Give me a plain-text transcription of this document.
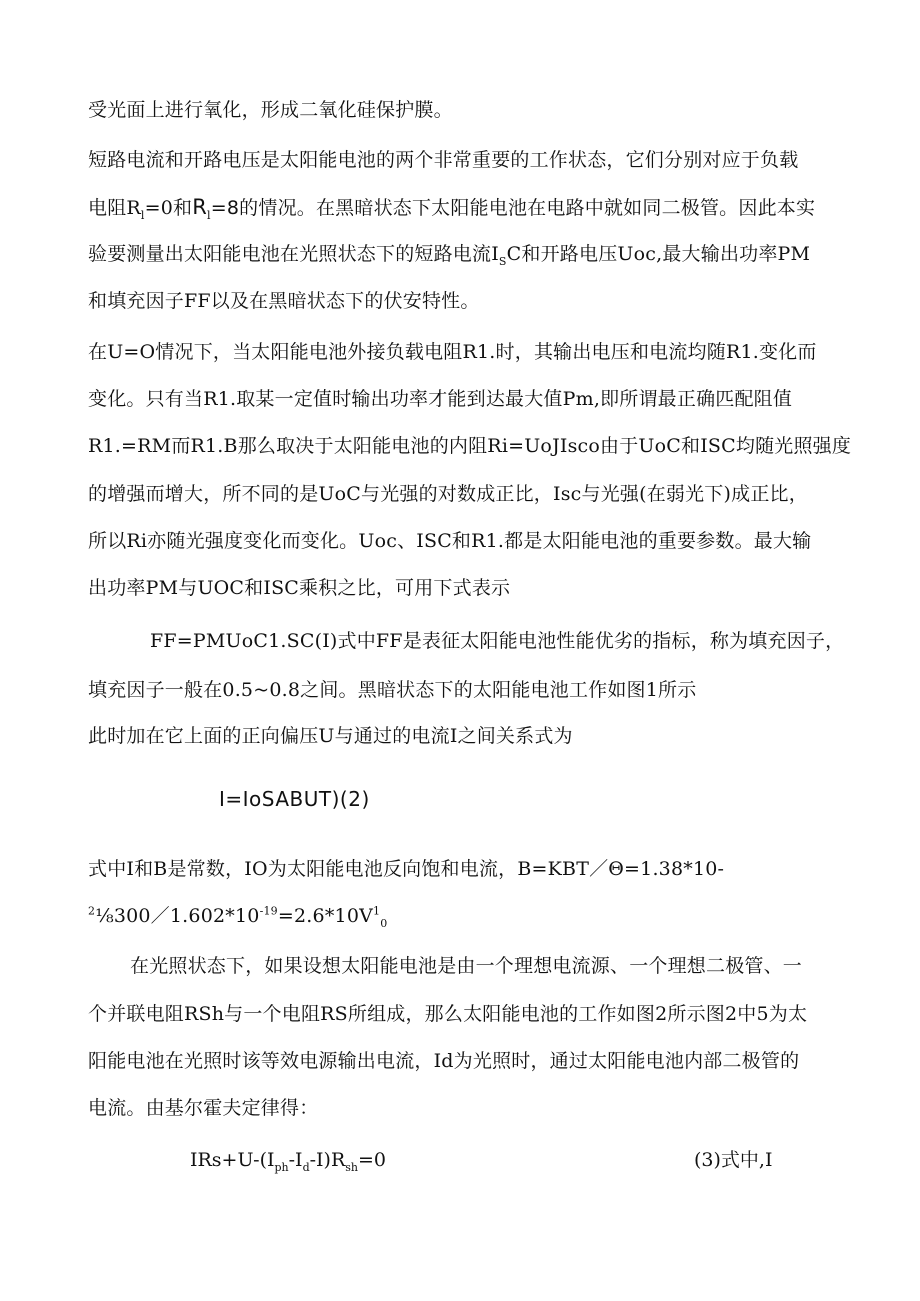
受光面上进行氧化，形成二氧化硅保护膜。
短路电流和开路电压是太阳能电池的两个非常重要的工作状态，它们分别对应于负载
电阻$R_l=0$和$R_l=8$的情况。在黑暗状态下太阳能电池在电路中就如同二极管。因此本实
验要测量出太阳能电池在光照状态下的短路电流$I_SC$和开路电压Uoc,最大输出功率PM
和填充因子FF以及在黑暗状态下的伏安特性。
在U=O情况下，当太阳能电池外接负载电阻R1.时，其输出电压和电流均随R1.变化而
变化。只有当R1.取某一定值时输出功率才能到达最大值Pm,即所谓最正确匹配阻值
R1.=RM而R1.B那么取决于太阳能电池的内阻Ri=UoJIsco由于UoC和ISC均随光照强度
的增强而增大，所不同的是UoC与光强的对数成正比，Isc与光强(在弱光下)成正比，
所以Ri亦随光强度变化而变化。Uoc、ISC和R1.都是太阳能电池的重要参数。最大输
出功率PM与UOC和ISC乘积之比，可用下式表示
FF=PMUoC1.SC(I)式中FF是表征太阳能电池性能优劣的指标，称为填充因子，
填充因子一般在0.5~0.8之间。黑暗状态下的太阳能电池工作如图1所示
此时加在它上面的正向偏压U与通过的电流I之间关系式为
I=IoSABUT)(2)
式中I和B是常数，IO为太阳能电池反向饱和电流，B=KBT／Θ=1.38*10-
$^2\frac{1}{8}300/1.602*10^{-19}=2.6*10V^1_0$
在光照状态下，如果设想太阳能电池是由一个理想电流源、一个理想二极管、一
个并联电阻RSh与一个电阻RS所组成，那么太阳能电池的工作如图2所示图2中5为太
阳能电池在光照时该等效电源输出电流，Id为光照时，通过太阳能电池内部二极管的
电流。由基尔霍夫定律得：
$IRs+U-(I_{ph}-I_d-I)R_{sh}=0$	(3)式中,I
